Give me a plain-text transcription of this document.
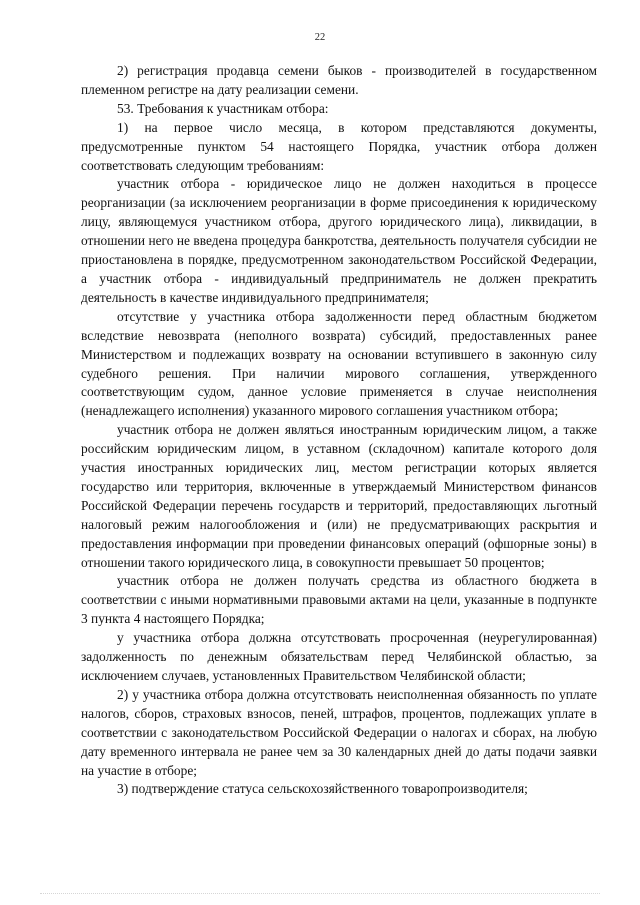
22

2) регистрация продавца семени быков - производителей в государственном племенном регистре на дату реализации семени.

53. Требования к участникам отбора:

1) на первое число месяца, в котором представляются документы, предусмотренные пунктом 54 настоящего Порядка, участник отбора должен соответствовать следующим требованиям:

участник отбора - юридическое лицо не должен находиться в процессе реорганизации (за исключением реорганизации в форме присоединения к юридическому лицу, являющемуся участником отбора, другого юридического лица), ликвидации, в отношении него не введена процедура банкротства, деятельность получателя субсидии не приостановлена в порядке, предусмотренном законодательством Российской Федерации, а участник отбора - индивидуальный предприниматель не должен прекратить деятельность в качестве индивидуального предпринимателя;

отсутствие у участника отбора задолженности перед областным бюджетом вследствие невозврата (неполного возврата) субсидий, предоставленных ранее Министерством и подлежащих возврату на основании вступившего в законную силу судебного решения. При наличии мирового соглашения, утвержденного соответствующим судом, данное условие применяется в случае неисполнения (ненадлежащего исполнения) указанного мирового соглашения участником отбора;

участник отбора не должен являться иностранным юридическим лицом, а также российским юридическим лицом, в уставном (складочном) капитале которого доля участия иностранных юридических лиц, местом регистрации которых является государство или территория, включенные в утверждаемый Министерством финансов Российской Федерации перечень государств и территорий, предоставляющих льготный налоговый режим налогообложения и (или) не предусматривающих раскрытия и предоставления информации при проведении финансовых операций (офшорные зоны) в отношении такого юридического лица, в совокупности превышает 50 процентов;

участник отбора не должен получать средства из областного бюджета в соответствии с иными нормативными правовыми актами на цели, указанные в подпункте 3 пункта 4 настоящего Порядка;

у участника отбора должна отсутствовать просроченная (неурегулированная) задолженность по денежным обязательствам перед Челябинской областью, за исключением случаев, установленных Правительством Челябинской области;

2) у участника отбора должна отсутствовать неисполненная обязанность по уплате налогов, сборов, страховых взносов, пеней, штрафов, процентов, подлежащих уплате в соответствии с законодательством Российской Федерации о налогах и сборах, на любую дату временного интервала не ранее чем за 30 календарных дней до даты подачи заявки на участие в отборе;

3) подтверждение статуса сельскохозяйственного товаропроизводителя;
